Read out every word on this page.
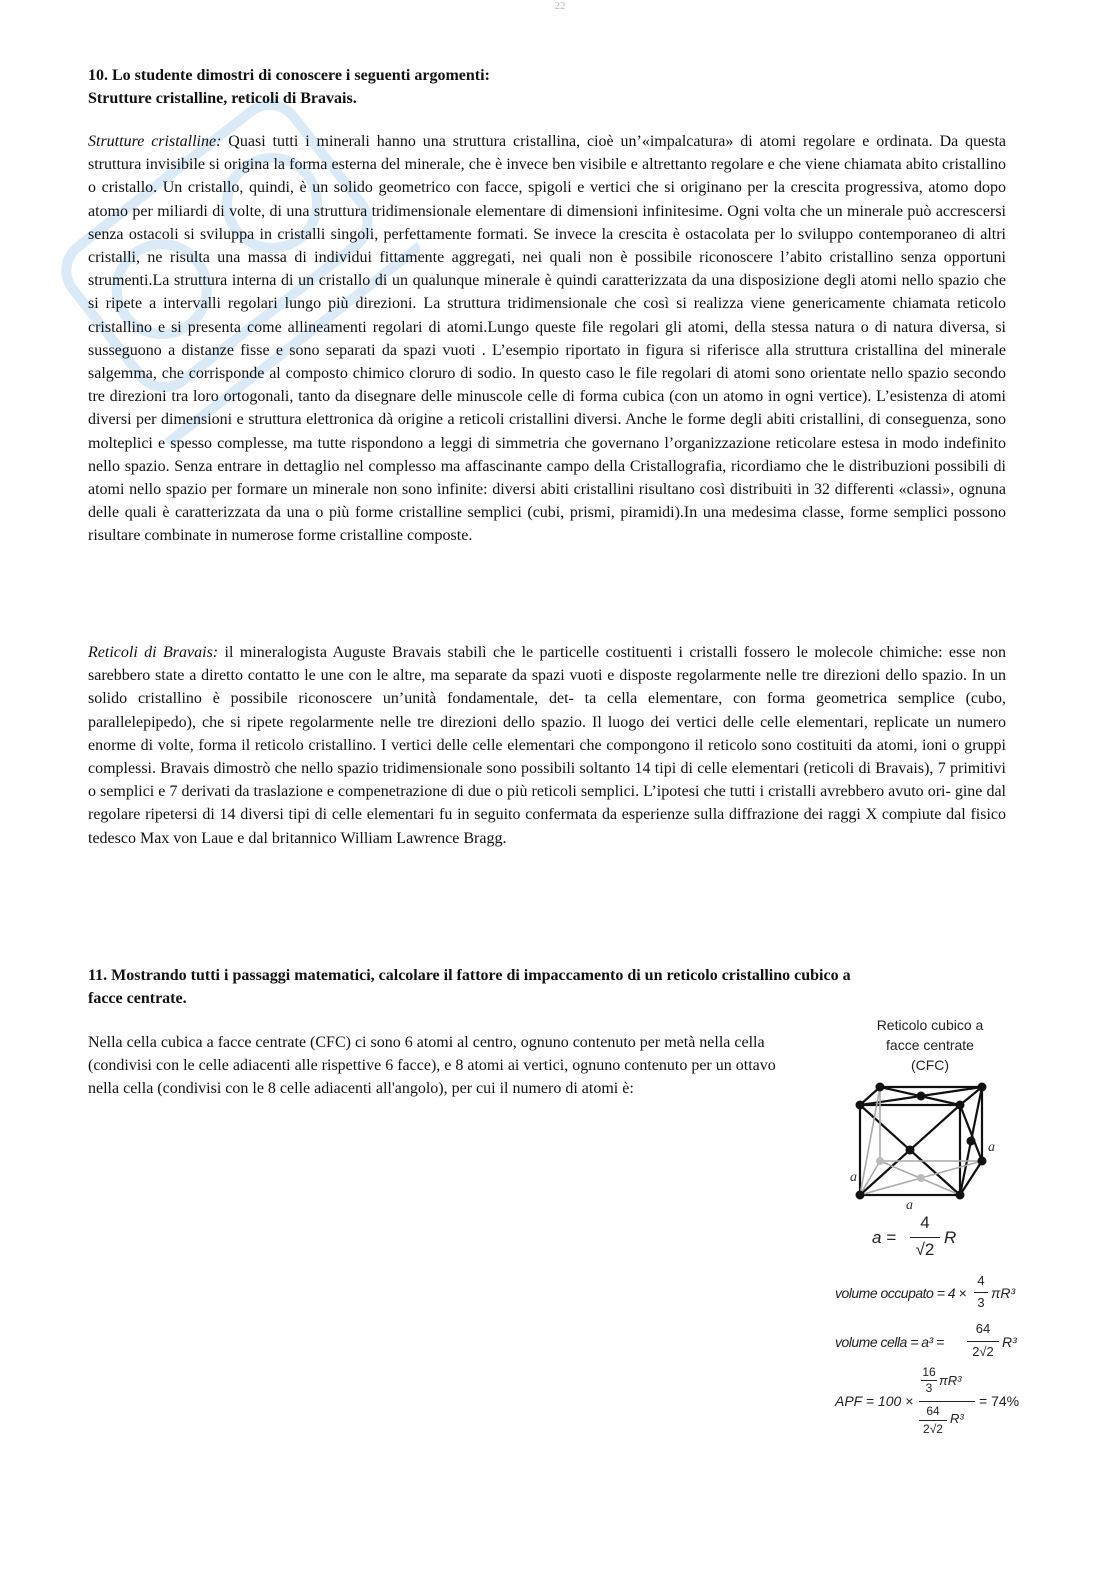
22
10. Lo studente dimostri di conoscere i seguenti argomenti:
Strutture cristalline, reticoli di Bravais.
Strutture cristalline: Quasi tutti i minerali hanno una struttura cristallina, cioè un’«impalcatura» di atomi regolare e ordinata. Da questa struttura invisibile si origina la forma esterna del minerale, che è invece ben visibile e altrettanto regolare e che viene chiamata abito cristallino o cristallo. Un cristallo, quindi, è un solido geometrico con facce, spigoli e vertici che si originano per la crescita progressiva, atomo dopo atomo per miliardi di volte, di una struttura tridimensionale elementare di dimensioni infinitesime. Ogni volta che un minerale può accrescersi senza ostacoli si sviluppa in cristalli singoli, perfettamente formati. Se invece la crescita è ostacolata per lo sviluppo contemporaneo di altri cristalli, ne risulta una massa di individui fittamente aggregati, nei quali non è possibile riconoscere l’abito cristallino senza opportuni strumenti.La struttura interna di un cristallo di un qualunque minerale è quindi caratterizzata da una disposizione degli atomi nello spazio che si ripete a intervalli regolari lungo più direzioni. La struttura tridimensionale che così si realizza viene genericamente chiamata reticolo cristallino e si presenta come allineamenti regolari di atomi.Lungo queste file regolari gli atomi, della stessa natura o di natura diversa, si susseguono a distanze fisse e sono separati da spazi vuoti . L’esempio riportato in figura si riferisce alla struttura cristallina del minerale salgemma, che corrisponde al composto chimico cloruro di sodio. In questo caso le file regolari di atomi sono orientate nello spazio secondo tre direzioni tra loro ortogonali, tanto da disegnare delle minuscole celle di forma cubica (con un atomo in ogni vertice). L’esistenza di atomi diversi per dimensioni e struttura elettronica dà origine a reticoli cristallini diversi. Anche le forme degli abiti cristallini, di conseguenza, sono molteplici e spesso complesse, ma tutte rispondono a leggi di simmetria che governano l’organizzazione reticolare estesa in modo indefinito nello spazio. Senza entrare in dettaglio nel complesso ma affascinante campo della Cristallografia, ricordiamo che le distribuzioni possibili di atomi nello spazio per formare un minerale non sono infinite: diversi abiti cristallini risultano così distribuiti in 32 differenti «classi», ognuna delle quali è caratterizzata da una o più forme cristalline semplici (cubi, prismi, piramidi).In una medesima classe, forme semplici possono risultare combinate in numerose forme cristalline composte.
Reticoli di Bravais: il mineralogista Auguste Bravais stabilì che le particelle costituenti i cristalli fossero le molecole chimiche: esse non sarebbero state a diretto contatto le une con le altre, ma separate da spazi vuoti e disposte regolarmente nelle tre direzioni dello spazio. In un solido cristallino è possibile riconoscere un’unità fondamentale, det- ta cella elementare, con forma geometrica semplice (cubo, parallelepipedo), che si ripete regolarmente nelle tre direzioni dello spazio. Il luogo dei vertici delle celle elementari, replicate un numero enorme di volte, forma il reticolo cristallino. I vertici delle celle elementari che compongono il reticolo sono costituiti da atomi, ioni o gruppi complessi. Bravais dimostrò che nello spazio tridimensionale sono possibili soltanto 14 tipi di celle elementari (reticoli di Bravais), 7 primitivi o semplici e 7 derivati da traslazione e compenetrazione di due o più reticoli semplici. L’ipotesi che tutti i cristalli avrebbero avuto ori- gine dal regolare ripetersi di 14 diversi tipi di celle elementari fu in seguito confermata da esperienze sulla diffrazione dei raggi X compiute dal fisico tedesco Max von Laue e dal britannico William Lawrence Bragg.
11. Mostrando tutti i passaggi matematici, calcolare il fattore di impaccamento di un reticolo cristallino cubico a
facce centrate.
Nella cella cubica a facce centrate (CFC) ci sono 6 atomi al centro, ognuno contenuto per metà nella cella (condivisi con le celle adiacenti alle rispettive 6 facce), e 8 atomi ai vertici, ognuno contenuto per un ottavo nella cella (condivisi con le 8 celle adiacenti all'angolo), per cui il numero di atomi è:
Reticolo cubico a
facce centrate
(CFC)
a
a
a
a =
4
√2
R
volume occupato = 4 ×
4
3
πR³
volume cella = a³ =
64
2√2
R³
APF = 100 ×
16
3 πR³
64
2√2
R³
= 74%
